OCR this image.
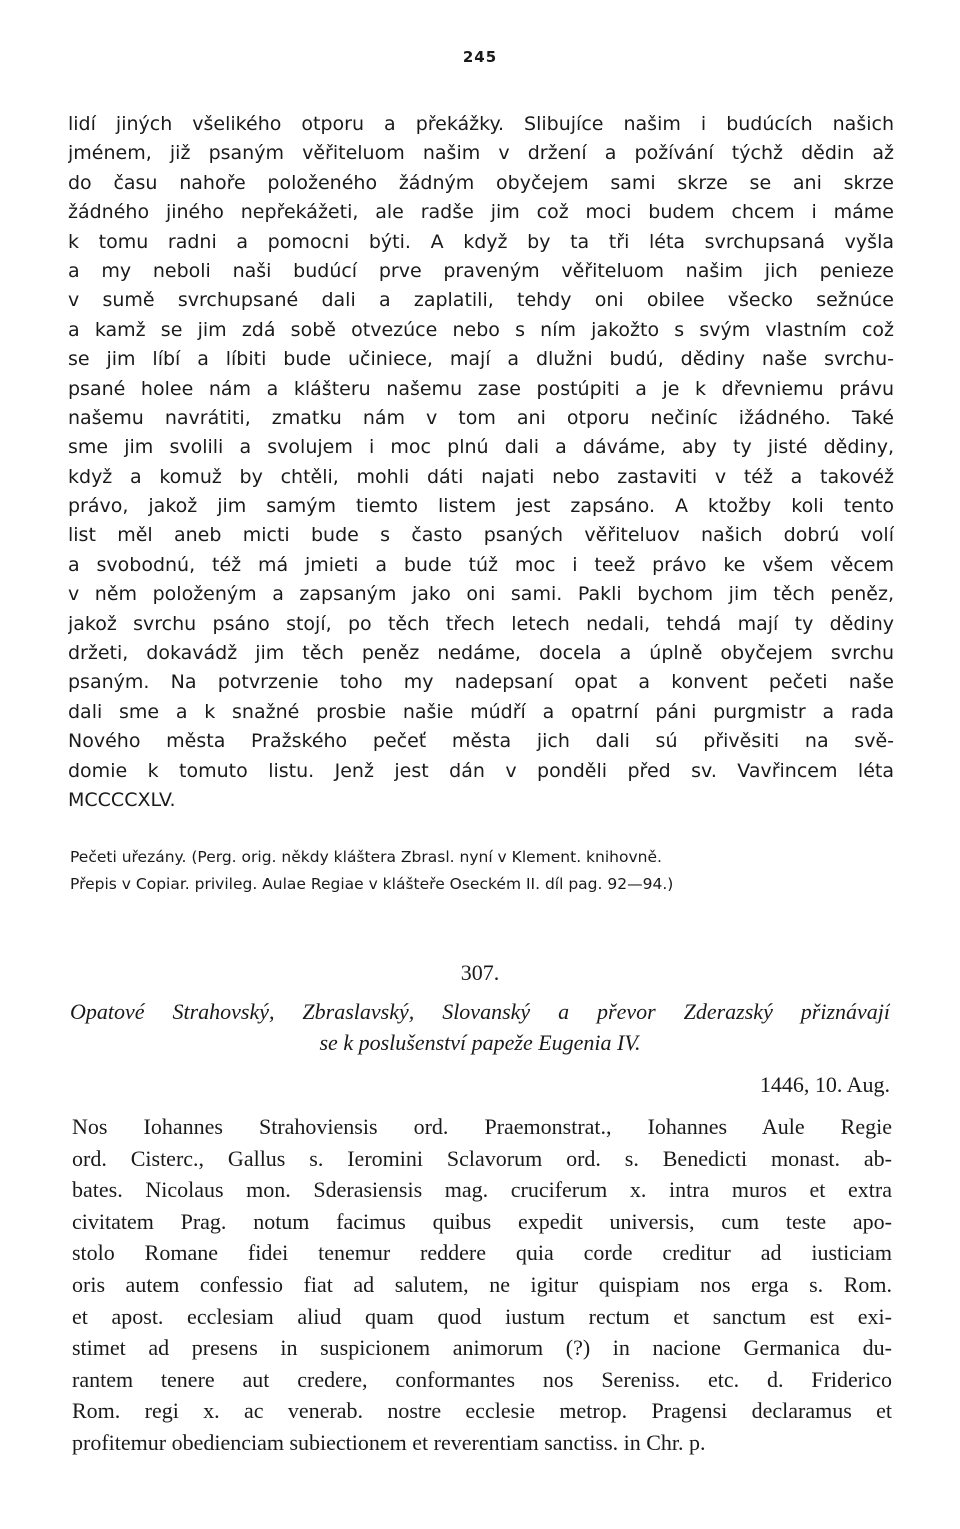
245
lidí jiných všelikého otporu a překážky. Slibujíce našim i budúcích našich
jménem, již psaným věřiteluom našim v držení a požívání týchž dědin až
do času nahoře položeného žádným obyčejem sami skrze se ani skrze
žádného jiného nepřekážeti, ale radše jim což moci budem chcem i máme
k tomu radni a pomocni býti. A když by ta tři léta svrchupsaná vyšla
a my neboli naši budúcí prve praveným věřiteluom našim jich penieze
v sumě svrchupsané dali a zaplatili, tehdy oni obilee všecko sežnúce
a kamž se jim zdá sobě otvezúce nebo s ním jakožto s svým vlastním což
se jim líbí a líbiti bude učiniece, mají a dlužni budú, dědiny naše svrchu-
psané holee nám a klášteru našemu zase postúpiti a je k dřevniemu právu
našemu navrátiti, zmatku nám v tom ani otporu nečiníc ižádného. Také
sme jim svolili a svolujem i moc plnú dali a dáváme, aby ty jisté dědiny,
když a komuž by chtěli, mohli dáti najati nebo zastaviti v též a takovéž
právo, jakož jim samým tiemto listem jest zapsáno. A ktožby koli tento
list měl aneb micti bude s často psaných věřiteluov našich dobrú volí
a svobodnú, též má jmieti a bude túž moc i teež právo ke všem věcem
v něm položeným a zapsaným jako oni sami. Pakli bychom jim těch peněz,
jakož svrchu psáno stojí, po těch třech letech nedali, tehdá mají ty dědiny
držeti, dokavádž jim těch peněz nedáme, docela a úplně obyčejem svrchu
psaným. Na potvrzenie toho my nadepsaní opat a konvent pečeti naše
dali sme a k snažné prosbie našie múdří a opatrní páni purgmistr a rada
Nového města Pražského pečeť města jich dali sú přivěsiti na svě-
domie k tomuto listu. Jenž jest dán v ponděli před sv. Vavřincem léta
MCCCCXLV.
Pečeti uřezány. (Perg. orig. někdy kláštera Zbrasl. nyní v Klement. knihovně.
Přepis v Copiar. privileg. Aulae Regiae v klášteře Oseckém II. díl pag. 92—94.)
307.
Opatové Strahovský, Zbraslavský, Slovanský a převor Zderazský přiznávají
se k poslušenství papeže Eugenia IV.
1446, 10. Aug.
Nos Iohannes Strahoviensis ord. Praemonstrat., Iohannes Aule Regie
ord. Cisterc., Gallus s. Ieromini Sclavorum ord. s. Benedicti monast. ab-
bates. Nicolaus mon. Sderasiensis mag. cruciferum x. intra muros et extra
civitatem Prag. notum facimus quibus expedit universis, cum teste apo-
stolo Romane fidei tenemur reddere quia corde creditur ad iusticiam
oris autem confessio fiat ad salutem, ne igitur quispiam nos erga s. Rom.
et apost. ecclesiam aliud quam quod iustum rectum et sanctum est exi-
stimet ad presens in suspicionem animorum (?) in nacione Germanica du-
rantem tenere aut credere, conformantes nos Sereniss. etc. d. Friderico
Rom. regi x. ac venerab. nostre ecclesie metrop. Pragensi declaramus et
profitemur obedienciam subiectionem et reverentiam sanctiss. in Chr. p.
